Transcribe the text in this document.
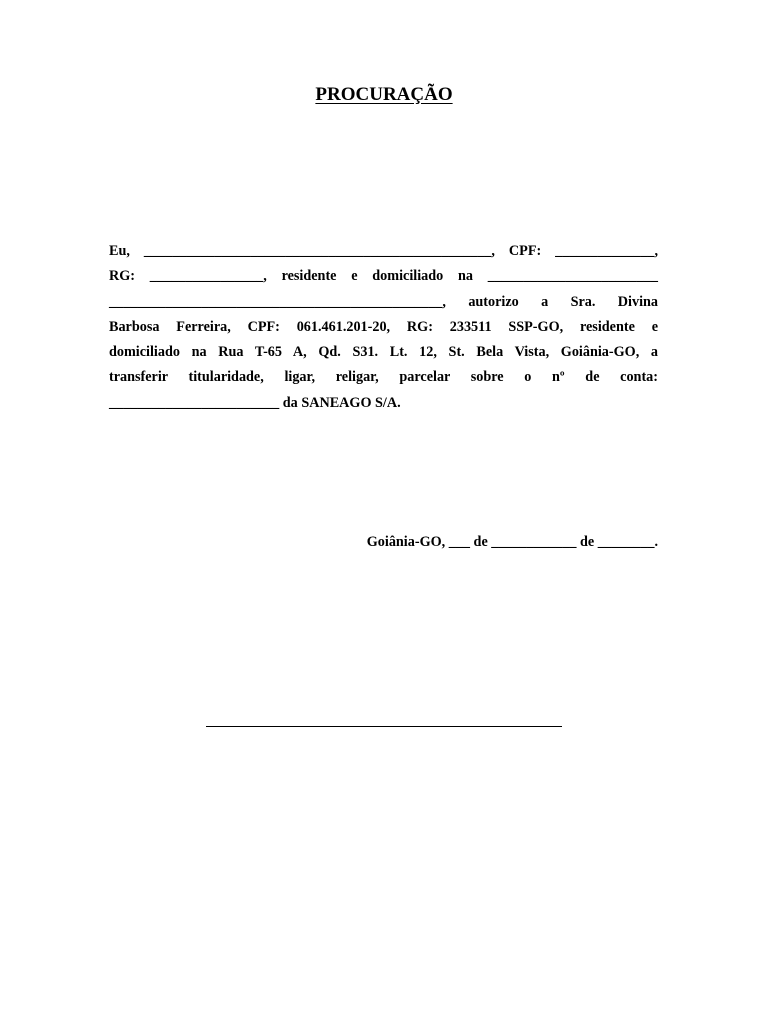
PROCURAÇÃO
Eu, _________________________________________________, CPF: ______________,
RG: ________________, residente e domiciliado na ________________________
_______________________________________________, autorizo a Sra. Divina
Barbosa Ferreira, CPF: 061.461.201-20, RG: 233511 SSP-GO, residente e
domiciliado na Rua T-65 A, Qd. S31. Lt. 12, St. Bela Vista, Goiânia-GO, a
transferir titularidade, ligar, religar, parcelar sobre o nº de conta:
________________________ da SANEAGO S/A.
Goiânia-GO, ___ de ____________ de ________.
